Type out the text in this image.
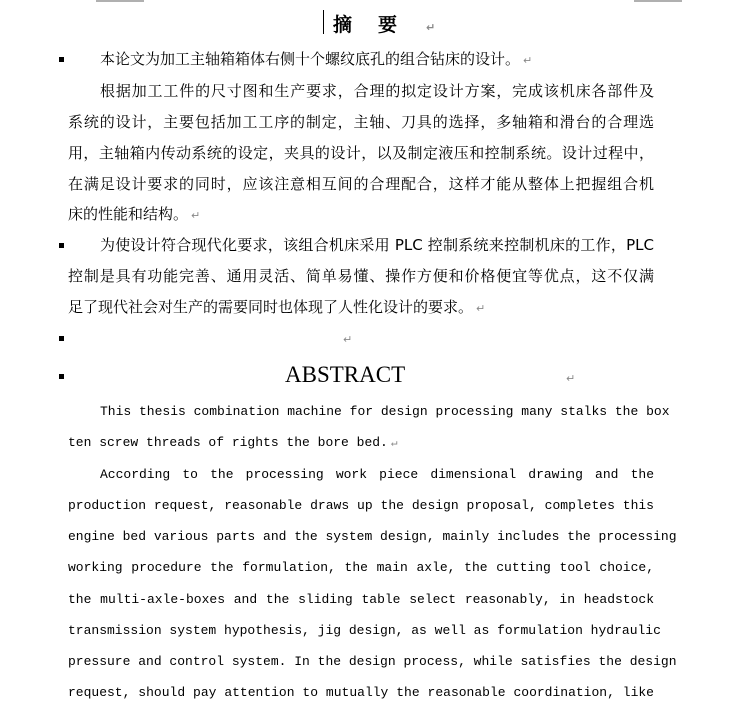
摘要 ↵
本论文为加工主轴箱箱体右侧十个螺纹底孔的组合钻床的设计。 ↵
根据加工工件的尺寸图和生产要求，合理的拟定设计方案，完成该机床各部件及
系统的设计，主要包括加工工序的制定，主轴、刀具的选择，多轴箱和滑台的合理选
用，主轴箱内传动系统的设定，夹具的设计，以及制定液压和控制系统。设计过程中，
在满足设计要求的同时，应该注意相互间的合理配合，这样才能从整体上把握组合机
床的性能和结构。 ↵
为使设计符合现代化要求，该组合机床采用 PLC 控制系统来控制机床的工作，PLC
控制是具有功能完善、通用灵活、简单易懂、操作方便和价格便宜等优点，这不仅满
足了现代社会对生产的需要同时也体现了人性化设计的要求。 ↵
This thesis combination machine for design processing many stalks the box
ten screw threads of rights the bore bed. ↵
According to the processing work piece dimensional drawing and the
production request, reasonable draws up the design proposal, completes this
engine bed various parts and the system design, mainly includes the processing
working procedure the formulation, the main axle, the cutting tool choice,
the multi-axle-boxes and the sliding table select reasonably, in headstock
transmission system hypothesis, jig design, as well as formulation hydraulic
pressure and control system. In the design process, while satisfies the design
request, should pay attention to mutually the reasonable coordination, like
↵
ABSTRACT	↵
